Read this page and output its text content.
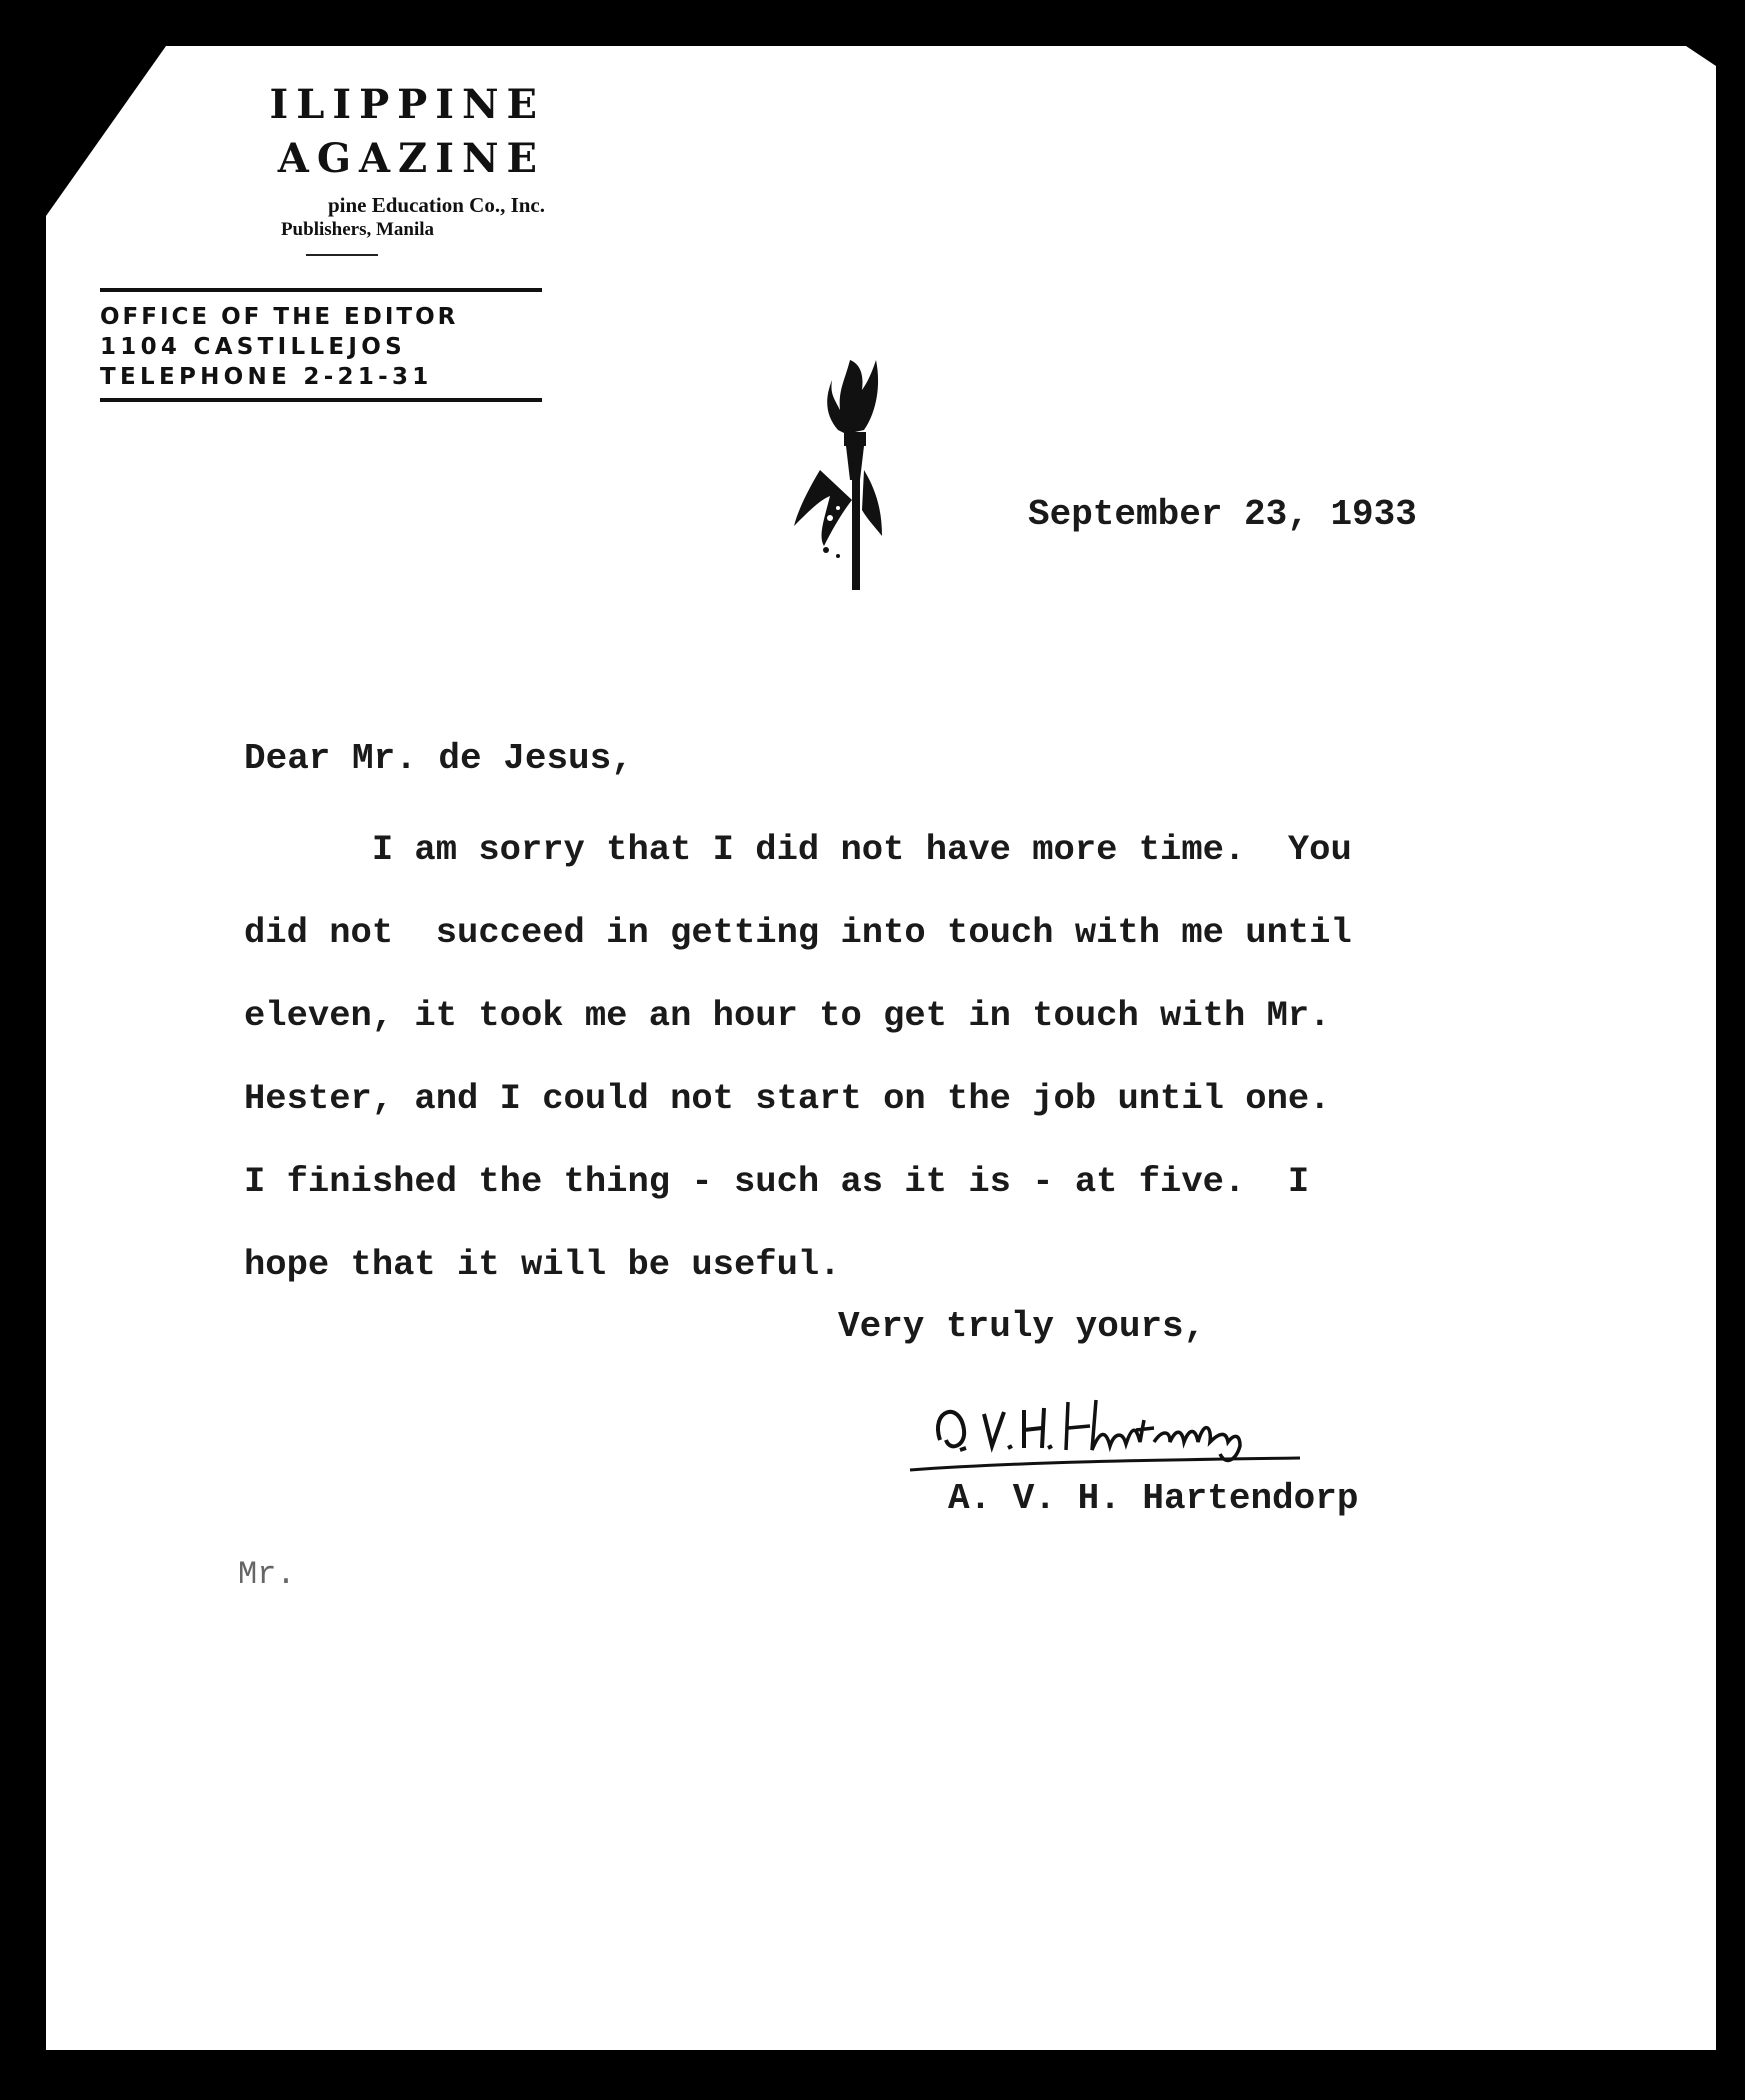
ILIPPINE
AGAZINE
pine Education Co., Inc.
Publishers, Manila
OFFICE OF THE EDITOR
1104 CASTILLEJOS
TELEPHONE 2-21-31
September 23, 1933
Dear Mr. de Jesus,
I am sorry that I did not have more time.  You
did not  succeed in getting into touch with me until
eleven, it took me an hour to get in touch with Mr.
Hester, and I could not start on the job until one.
I finished the thing - such as it is - at five.  I
hope that it will be useful.
Very truly yours,
A. V. H. Hartendorp
Mr.
